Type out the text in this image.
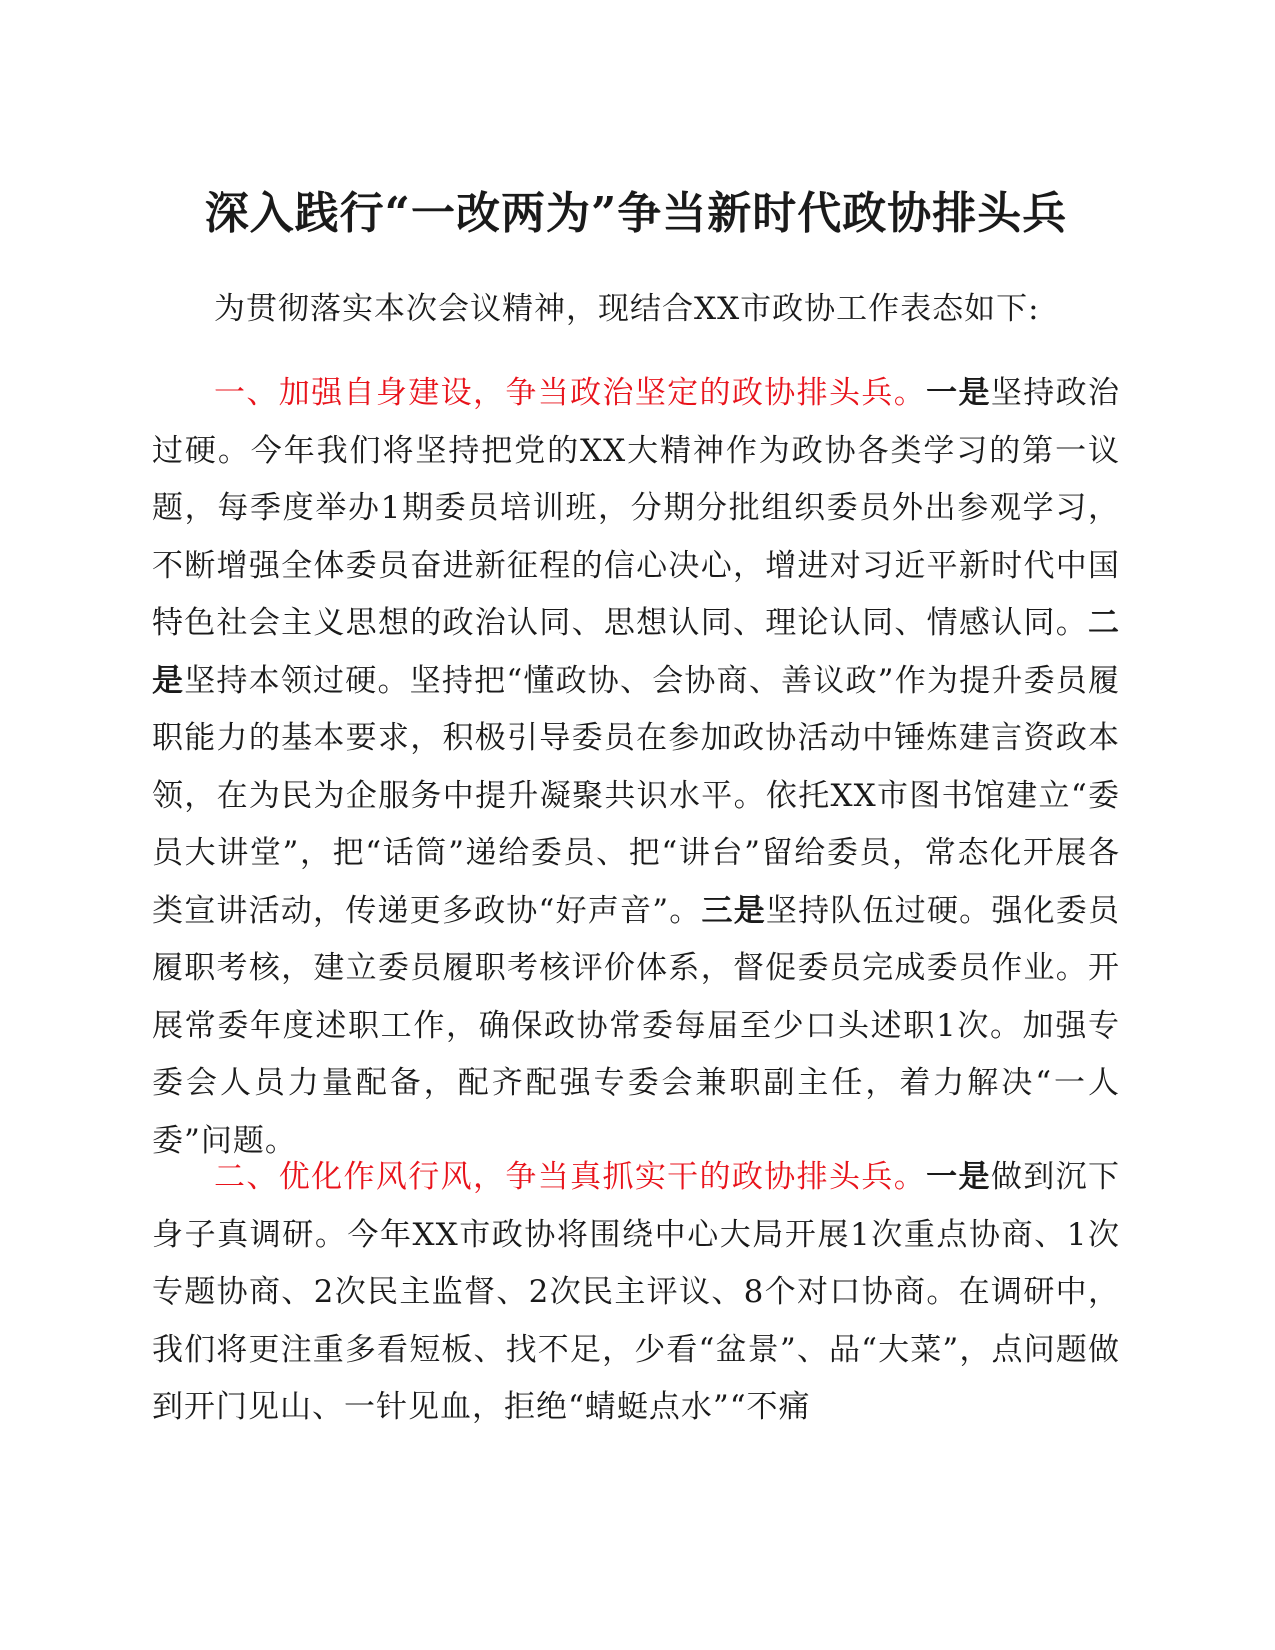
深入践行“一改两为”争当新时代政协排头兵

为贯彻落实本次会议精神，现结合XX市政协工作表态如下:

一、加强自身建设，争当政治坚定的政协排头兵。一是坚持政治过硬。今年我们将坚持把党的XX大精神作为政协各类学习的第一议题，每季度举办1期委员培训班，分期分批组织委员外出参观学习，不断增强全体委员奋进新征程的信心决心，增进对习近平新时代中国特色社会主义思想的政治认同、思想认同、理论认同、情感认同。二是坚持本领过硬。坚持把“懂政协、会协商、善议政”作为提升委员履职能力的基本要求，积极引导委员在参加政协活动中锤炼建言资政本领，在为民为企服务中提升凝聚共识水平。依托XX市图书馆建立“委员大讲堂”，把“话筒”递给委员、把“讲台”留给委员，常态化开展各类宣讲活动，传递更多政协“好声音”。三是坚持队伍过硬。强化委员履职考核，建立委员履职考核评价体系，督促委员完成委员作业。开展常委年度述职工作，确保政协常委每届至少口头述职1次。加强专委会人员力量配备，配齐配强专委会兼职副主任，着力解决“一人委”问题。

二、优化作风行风，争当真抓实干的政协排头兵。一是做到沉下身子真调研。今年XX市政协将围绕中心大局开展1次重点协商、1次专题协商、2次民主监督、2次民主评议、8个对口协商。在调研中，我们将更注重多看短板、找不足，少看“盆景”、品“大菜”，点问题做到开门见山、一针见血，拒绝“蜻蜓点水”“不痛
